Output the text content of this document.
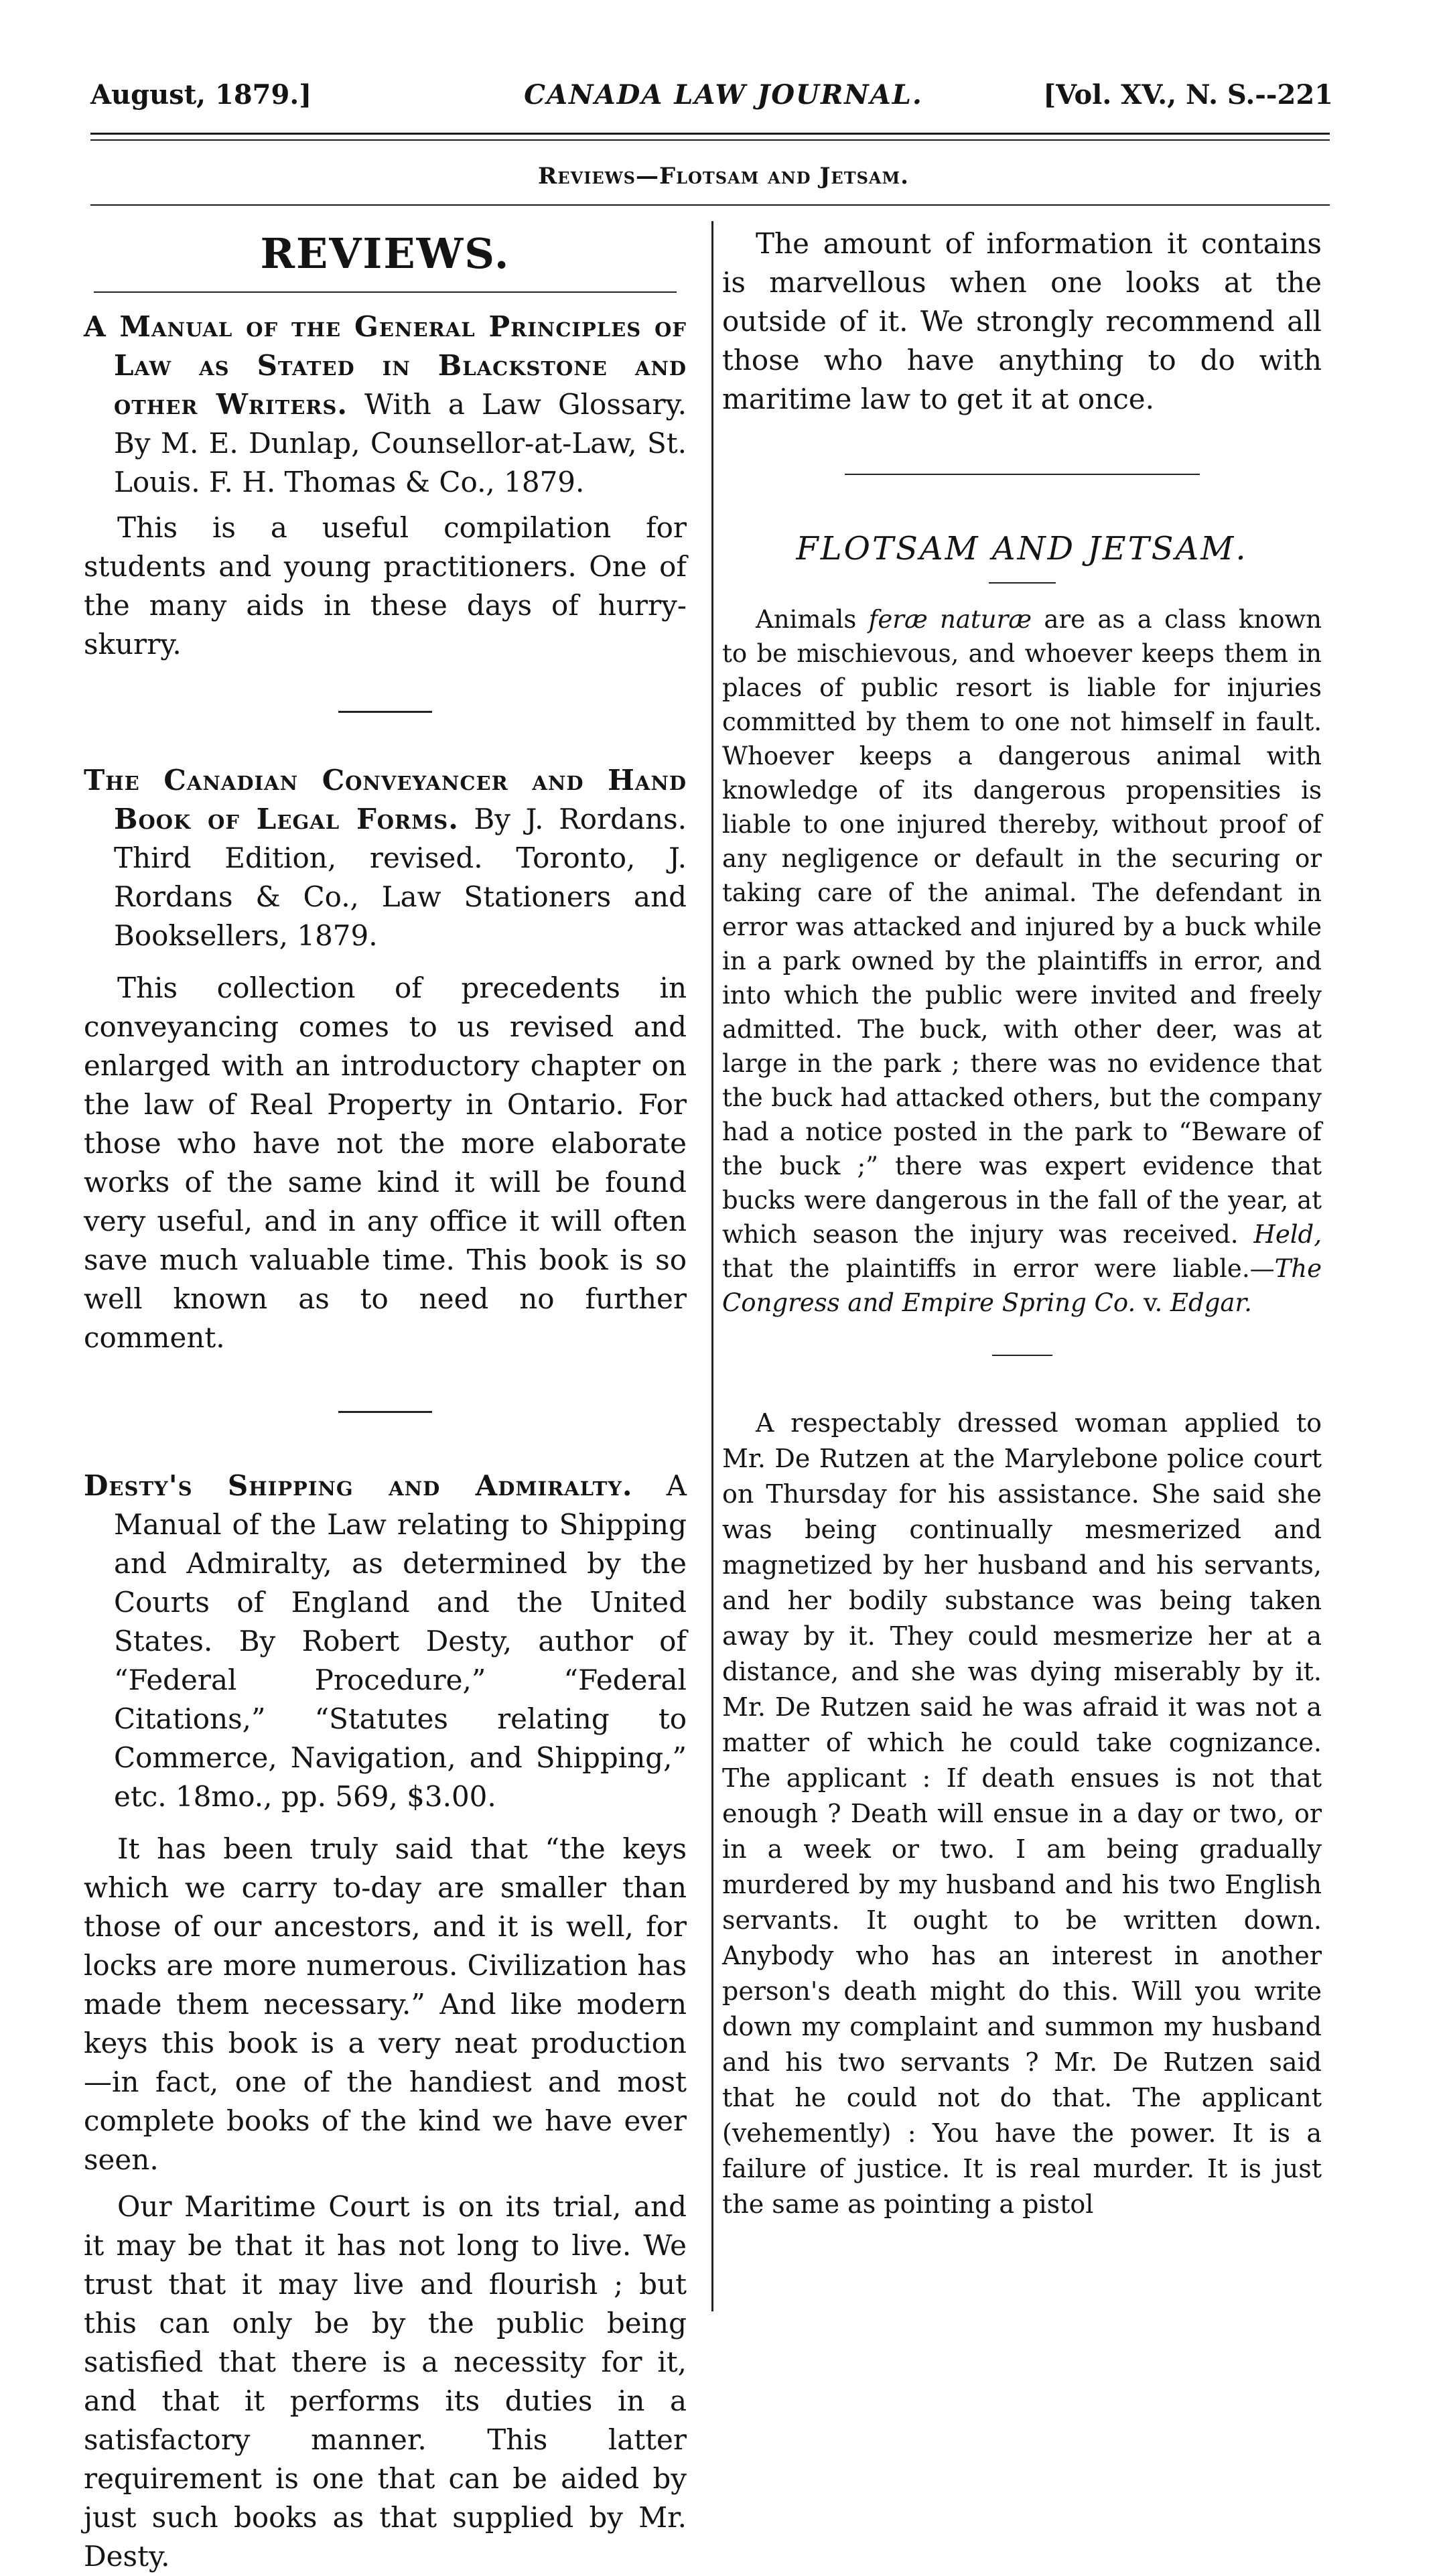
August, 1879.]	CANADA LAW JOURNAL.	[Vol. XV., N. S.--221
Reviews—Flotsam and Jetsam.
REVIEWS.

A Manual of the General Principles of Law as Stated in Blackstone and other Writers. With a Law Glossary. By M. E. Dunlap, Counsellor-at-Law, St. Louis. F. H. Thomas & Co., 1879.

This is a useful compilation for students and young practitioners. One of the many aids in these days of hurry-skurry.

The Canadian Conveyancer and Hand Book of Legal Forms. By J. Rordans. Third Edition, revised. Toronto, J. Rordans & Co., Law Stationers and Booksellers, 1879.

This collection of precedents in conveyancing comes to us revised and enlarged with an introductory chapter on the law of Real Property in Ontario. For those who have not the more elaborate works of the same kind it will be found very useful, and in any office it will often save much valuable time. This book is so well known as to need no further comment.

Desty's Shipping and Admiralty. A Manual of the Law relating to Shipping and Admiralty, as determined by the Courts of England and the United States. By Robert Desty, author of “Federal Procedure,” “Federal Citations,” “Statutes relating to Commerce, Navigation, and Shipping,” etc. 18mo., pp. 569, $3.00.

It has been truly said that “the keys which we carry to-day are smaller than those of our ancestors, and it is well, for locks are more numerous. Civilization has made them necessary.” And like modern keys this book is a very neat production —in fact, one of the handiest and most complete books of the kind we have ever seen.

Our Maritime Court is on its trial, and it may be that it has not long to live. We trust that it may live and flourish ; but this can only be by the public being satisfied that there is a necessity for it, and that it performs its duties in a satisfactory manner. This latter requirement is one that can be aided by just such books as that supplied by Mr. Desty.

The amount of information it contains is marvellous when one looks at the outside of it. We strongly recommend all those who have anything to do with maritime law to get it at once.

FLOTSAM AND JETSAM.

Animals feræ naturæ are as a class known to be mischievous, and whoever keeps them in places of public resort is liable for injuries committed by them to one not himself in fault. Whoever keeps a dangerous animal with knowledge of its dangerous propensities is liable to one injured thereby, without proof of any negligence or default in the securing or taking care of the animal. The defendant in error was attacked and injured by a buck while in a park owned by the plaintiffs in error, and into which the public were invited and freely admitted. The buck, with other deer, was at large in the park ; there was no evidence that the buck had attacked others, but the company had a notice posted in the park to “Beware of the buck ;” there was expert evidence that bucks were dangerous in the fall of the year, at which season the injury was received. Held, that the plaintiffs in error were liable.—The Congress and Empire Spring Co. v. Edgar.

A respectably dressed woman applied to Mr. De Rutzen at the Marylebone police court on Thursday for his assistance. She said she was being continually mesmerized and magnetized by her husband and his servants, and her bodily substance was being taken away by it. They could mesmerize her at a distance, and she was dying miserably by it. Mr. De Rutzen said he was afraid it was not a matter of which he could take cognizance. The applicant : If death ensues is not that enough ? Death will ensue in a day or two, or in a week or two. I am being gradually murdered by my husband and his two English servants. It ought to be written down. Anybody who has an interest in another person's death might do this. Will you write down my complaint and summon my husband and his two servants ? Mr. De Rutzen said that he could not do that. The applicant (vehemently) : You have the power. It is a failure of justice. It is real murder. It is just the same as pointing a pistol
